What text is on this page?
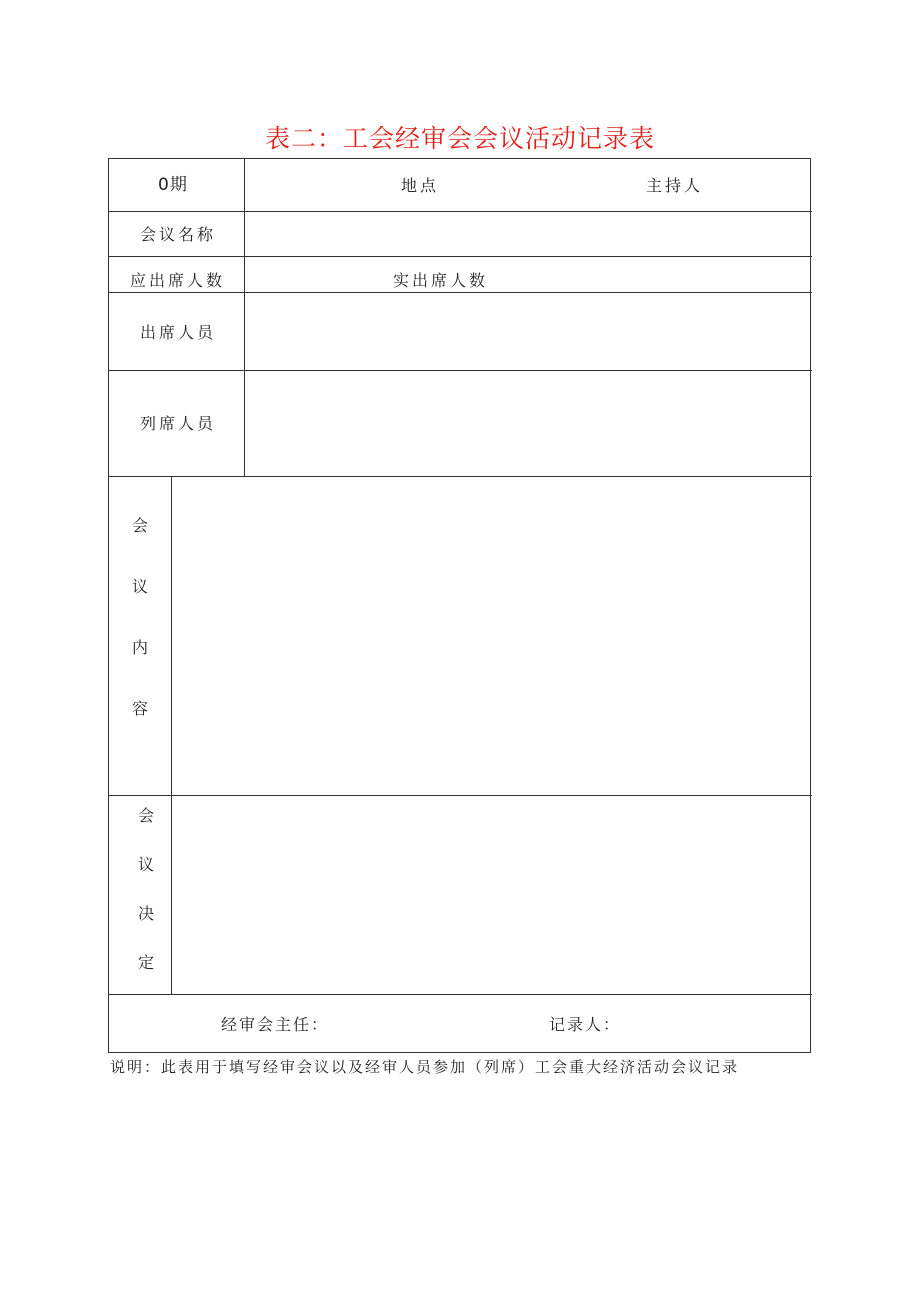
表二：工会经审会会议活动记录表
0期	地点	主持人
会议名称
应出席人数	实出席人数
出席人员
列席人员
会
议
内
容
会
议
决
定
经审会主任：	记录人：
说明：此表用于填写经审会议以及经审人员参加（列席）工会重大经济活动会议记录
